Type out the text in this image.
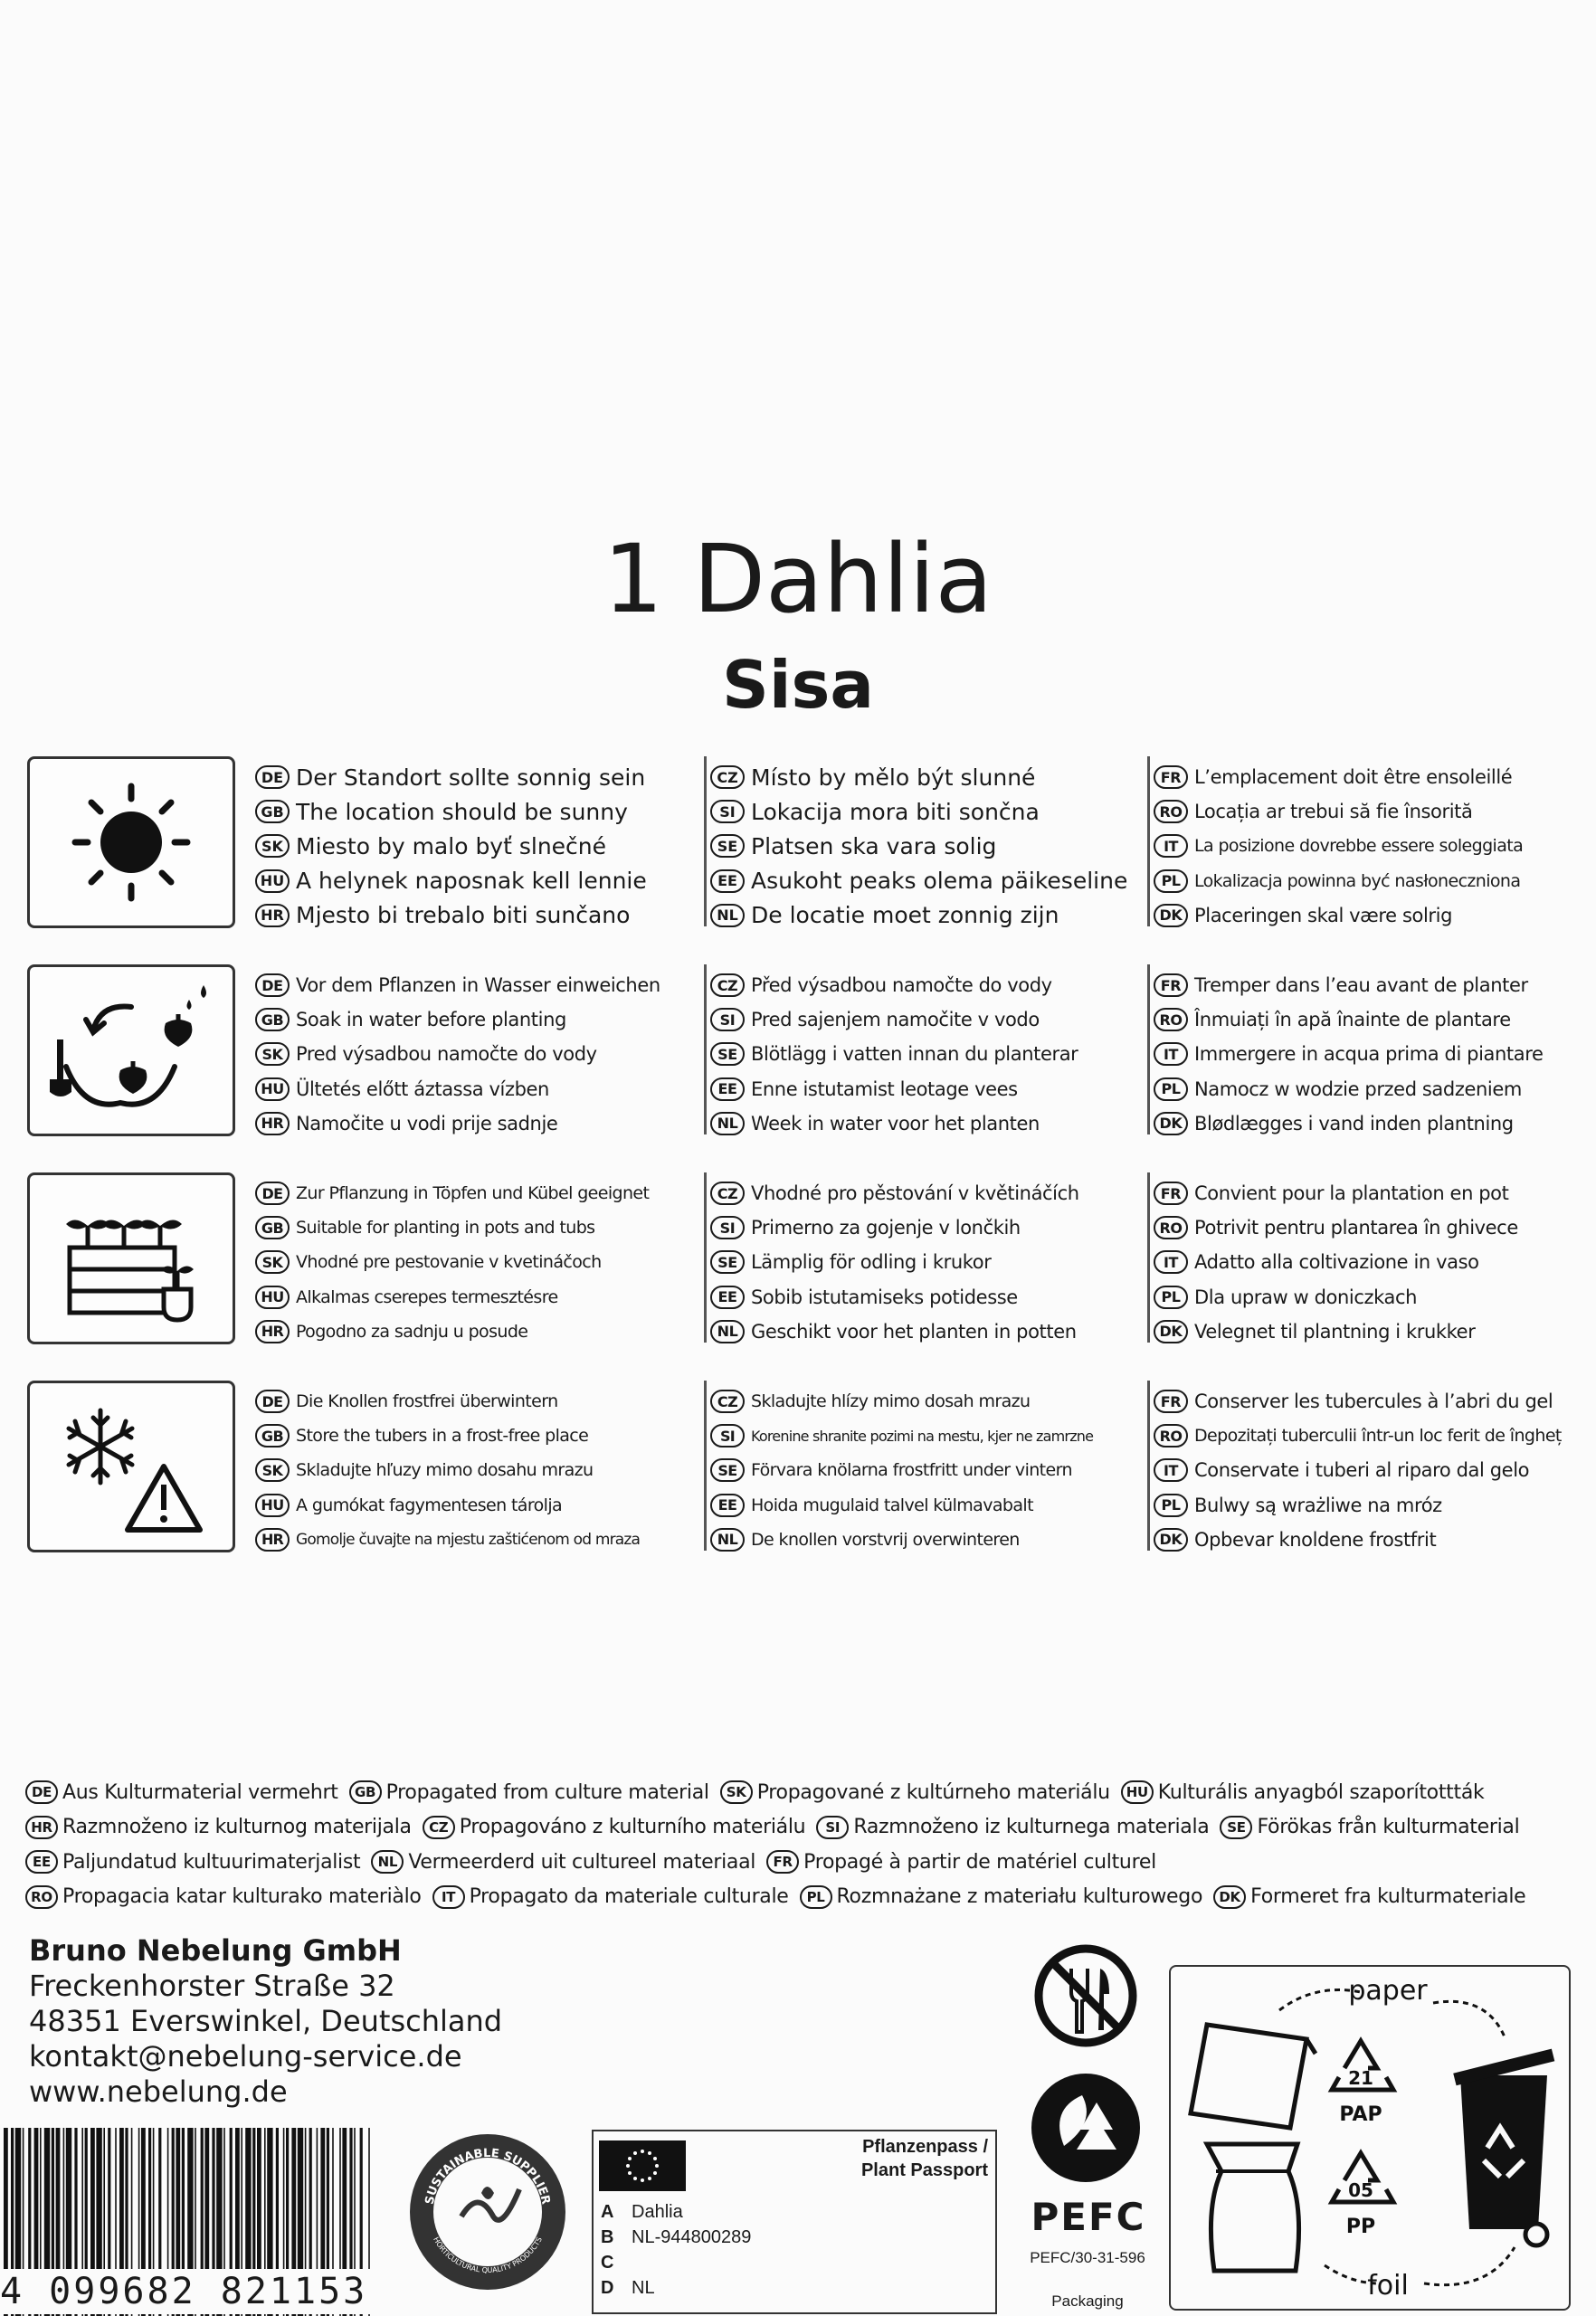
1 Dahlia
Sisa
DE Der Standort sollte sonnig sein
GB The location should be sunny
SK Miesto by malo byť slnečné
HU A helynek naposnak kell lennie
HR Mjesto bi trebalo biti sunčano
CZ Místo by mělo být slunné
SI Lokacija mora biti sončna
SE Platsen ska vara solig
EE Asukoht peaks olema päikeseline
NL De locatie moet zonnig zijn
FR L’emplacement doit être ensoleillé
RO Locația ar trebui să fie însorită
IT La posizione dovrebbe essere soleggiata
PL Lokalizacja powinna być nasłoneczniona
DK Placeringen skal være solrig
DE Vor dem Pflanzen in Wasser einweichen
GB Soak in water before planting
SK Pred výsadbou namočte do vody
HU Ültetés előtt áztassa vízben
HR Namočite u vodi prije sadnje
CZ Před výsadbou namočte do vody
SI Pred sajenjem namočite v vodo
SE Blötlägg i vatten innan du planterar
EE Enne istutamist leotage vees
NL Week in water voor het planten
FR Tremper dans l’eau avant de planter
RO Înmuiați în apă înainte de plantare
IT Immergere in acqua prima di piantare
PL Namocz w wodzie przed sadzeniem
DK Blødlægges i vand inden plantning
DE Zur Pflanzung in Töpfen und Kübel geeignet
GB Suitable for planting in pots and tubs
SK Vhodné pre pestovanie v kvetináčoch
HU Alkalmas cserepes termesztésre
HR Pogodno za sadnju u posude
CZ Vhodné pro pěstování v květináčích
SI Primerno za gojenje v lončkih
SE Lämplig för odling i krukor
EE Sobib istutamiseks potidesse
NL Geschikt voor het planten in potten
FR Convient pour la plantation en pot
RO Potrivit pentru plantarea în ghivece
IT Adatto alla coltivazione in vaso
PL Dla upraw w doniczkach
DK Velegnet til plantning i krukker
DE Die Knollen frostfrei überwintern
GB Store the tubers in a frost-free place
SK Skladujte hľuzy mimo dosahu mrazu
HU A gumókat fagymentesen tárolja
HR Gomolje čuvajte na mjestu zaštićenom od mraza
CZ Skladujte hlízy mimo dosah mrazu
SI	Korenine shranite pozimi na mestu, kjer ne zamrzne
SE Förvara knölarna frostfritt under vintern
EE Hoida mugulaid talvel külmavabalt
NL De knollen vorstvrij overwinteren
FR Conserver les tubercules à l’abri du gel
RO Depozitați tuberculii într-un loc ferit de îngheț
IT Conservate i tuberi al riparo dal gelo
PL Bulwy są wrażliwe na mróz
DK Opbevar knoldene frostfrit
DE Aus Kulturmaterial vermehrt	GB Propagated from culture material	SK Propagované z kultúrneho materiálu	HU Kulturális anyagból szaporítottták
HR Razmnoženo iz kulturnog materijala	CZ Propagováno z kulturního materiálu	SI Razmnoženo iz kulturnega materiala	SE Förökas från kulturmaterial
EE Paljundatud kultuurimaterjalist	NL Vermeerderd uit cultureel materiaal	FR Propagé à partir de matériel culturel
RO Propagacia katar kulturako materiàlo	IT Propagato da materiale culturale	PL Rozmnażane z materiału kulturowego	DK Formeret fra kulturmateriale
Bruno Nebelung GmbH
Freckenhorster Straße 32
48351 Everswinkel, Deutschland
kontakt@nebelung-service.de
www.nebelung.de
4 099682 821153
SUSTAINABLE SUPPLIER
HORTICULTURAL QUALITY PRODUCTS
Pflanzenpass /
Plant Passport
A Dahlia
B NL-944800289
C
D NL
PEFC
PEFC/30-31-596
Packaging
paper
foil
21
PAP
05
PP
